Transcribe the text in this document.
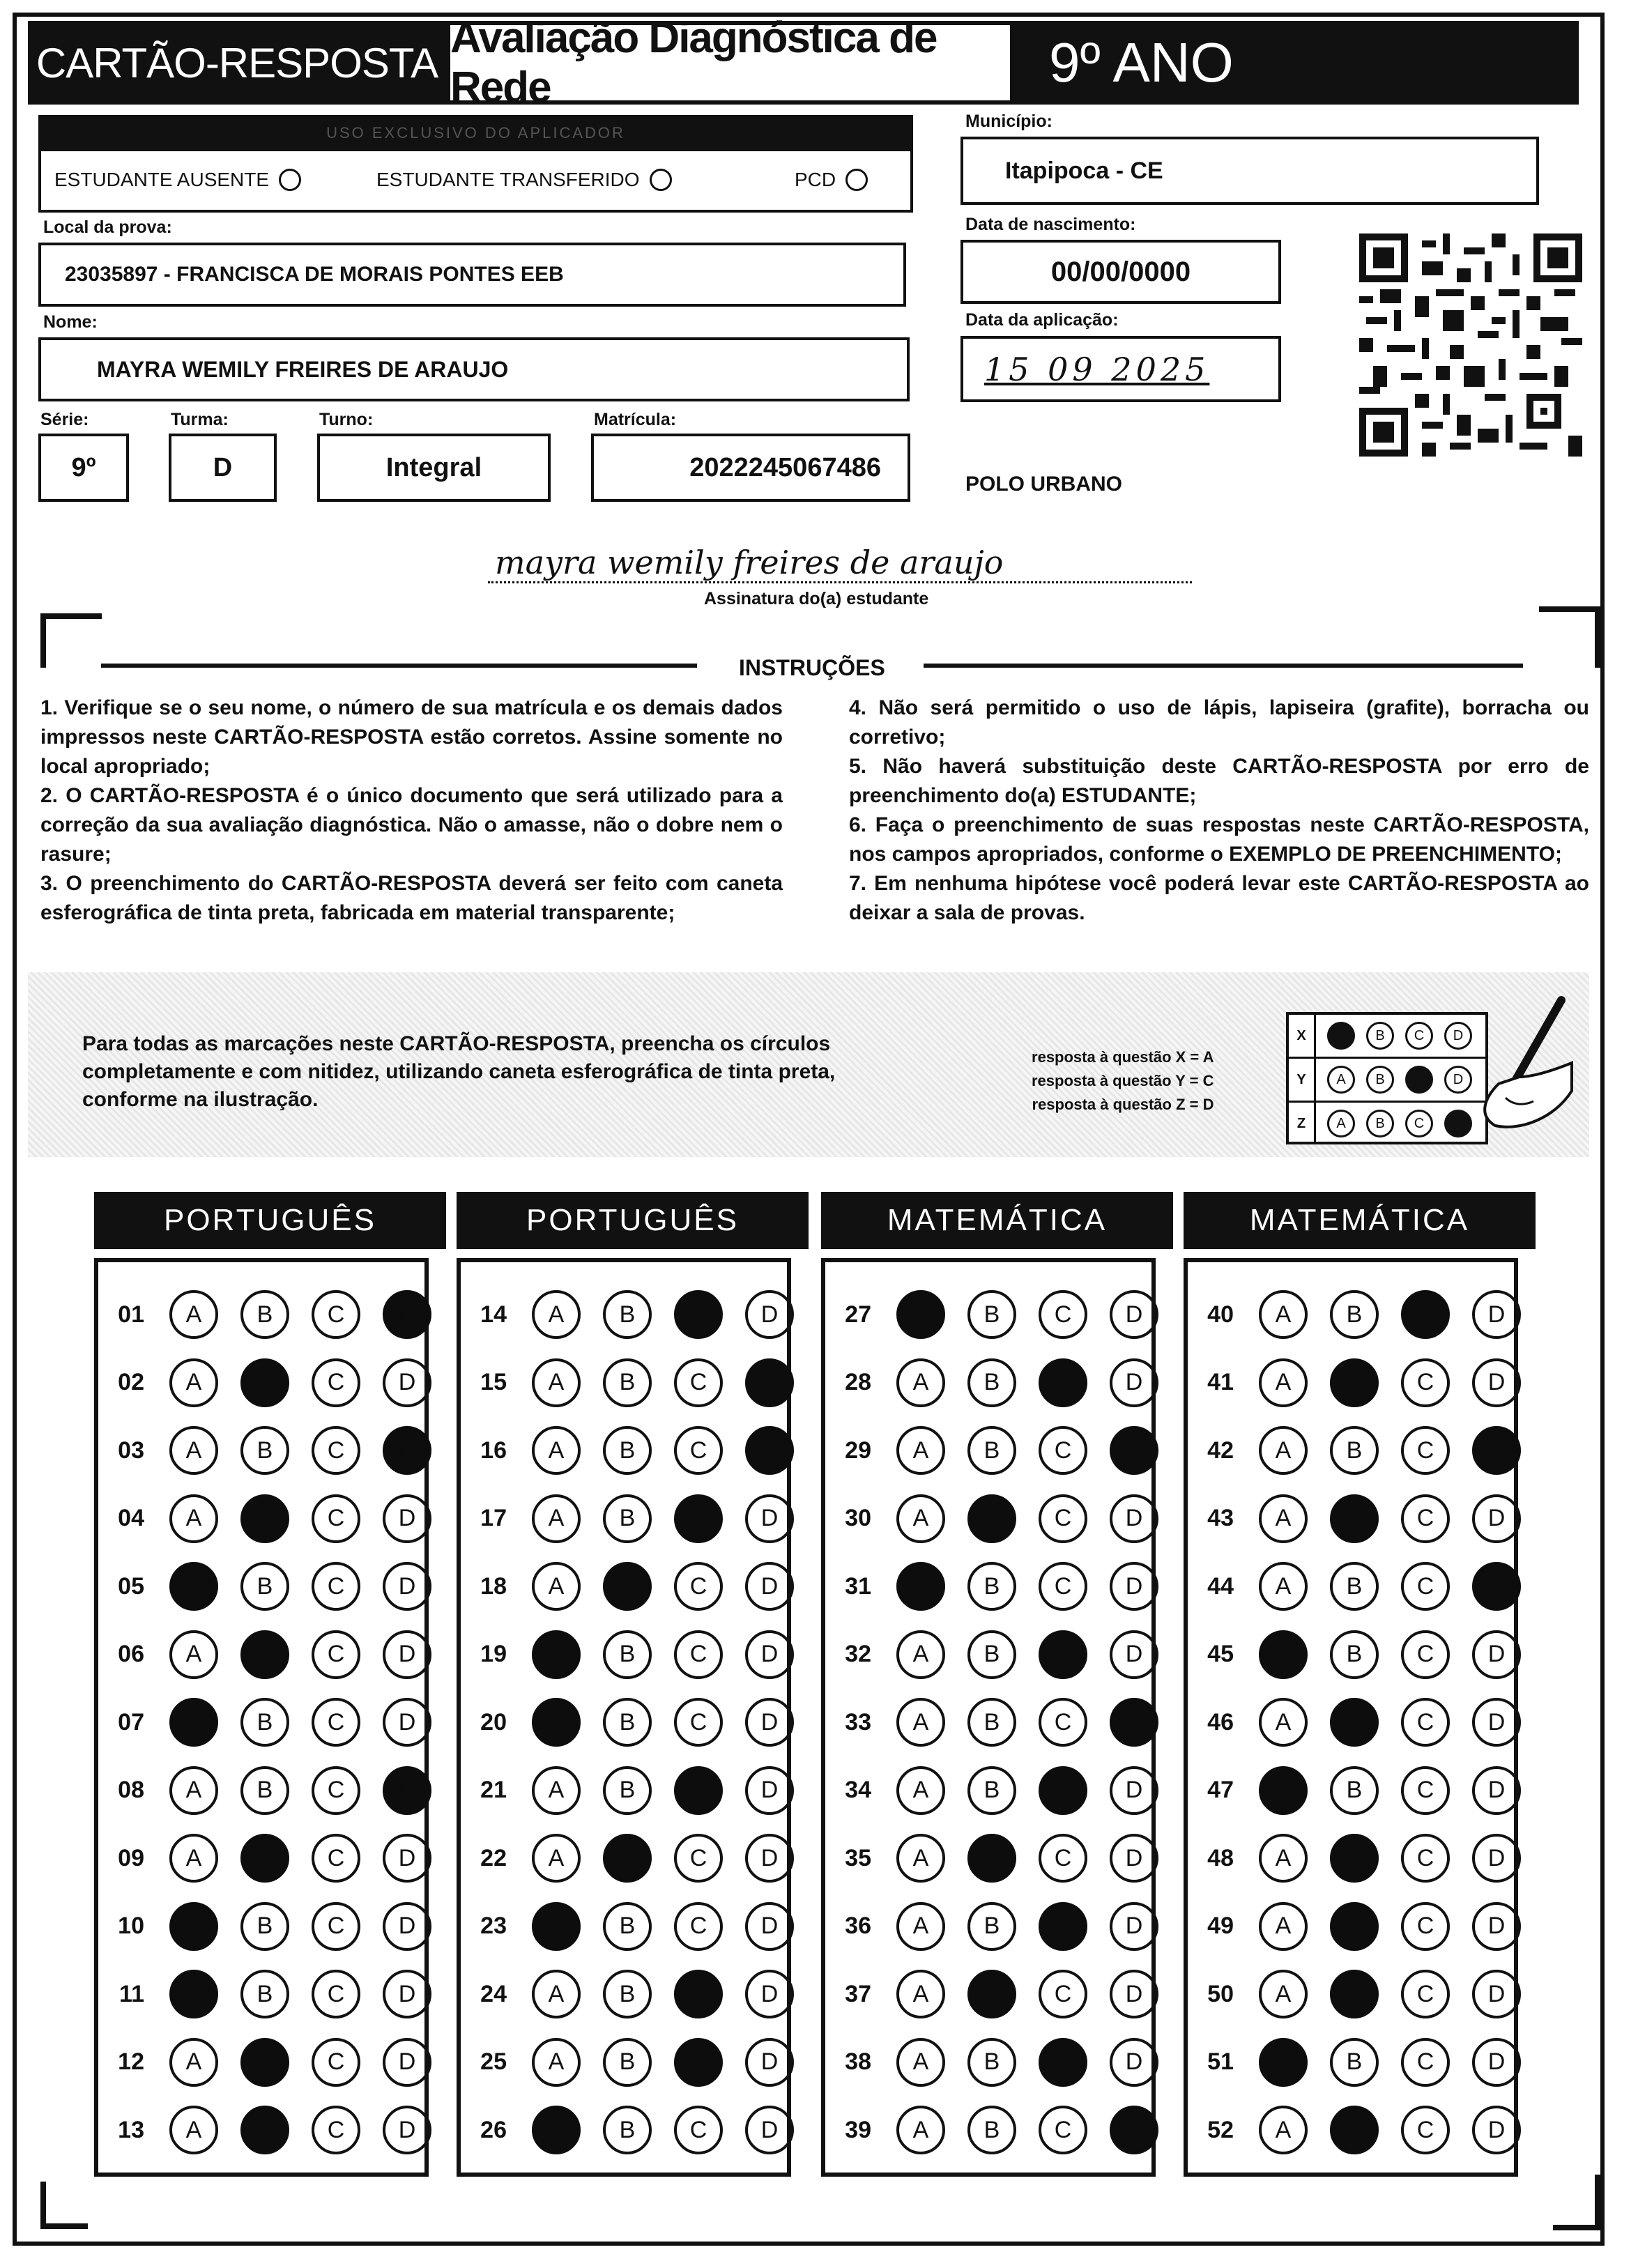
CARTÃO-RESPOSTA
Avaliação Diagnóstica de Rede	9º ANO
USO EXCLUSIVO DO APLICADOR
ESTUDANTE AUSENTE	ESTUDANTE TRANSFERIDO	PCD
Município:
Itapipoca - CE
Local da prova:
23035897 - FRANCISCA DE MORAIS PONTES EEB
Data de nascimento:
00/00/0000
Nome:
MAYRA WEMILY FREIRES DE ARAUJO
Data da aplicação:
15 09 2025
Série:
9º
Turma:
D
Turno:
Integral
Matrícula:
2022245067486
POLO URBANO
mayra wemily freires de araujo
Assinatura do(a) estudante
INSTRUÇÕES
1. Verifique se o seu nome, o número de sua matrícula e os demais dados impressos neste CARTÃO-RESPOSTA estão corretos. Assine somente no local apropriado;
2. O CARTÃO-RESPOSTA é o único documento que será utilizado para a correção da sua avaliação diagnóstica. Não o amasse, não o dobre nem o rasure;
3. O preenchimento do CARTÃO-RESPOSTA deverá ser feito com caneta esferográfica de tinta preta, fabricada em material transparente;
4. Não será permitido o uso de lápis, lapiseira (grafite), borracha ou corretivo;
5. Não haverá substituição deste CARTÃO-RESPOSTA por erro de preenchimento do(a) ESTUDANTE;
6. Faça o preenchimento de suas respostas neste CARTÃO-RESPOSTA, nos campos apropriados, conforme o EXEMPLO DE PREENCHIMENTO;
7. Em nenhuma hipótese você poderá levar este CARTÃO-RESPOSTA ao deixar a sala de provas.
Para todas as marcações neste CARTÃO-RESPOSTA, preencha os círculos completamente e com nitidez, utilizando caneta esferográfica de tinta preta, conforme na ilustração.
resposta à questão X = A
resposta à questão Y = C
resposta à questão Z = D
X	A	B	C	D
Y	A	B	C	D
Z	A	B	C	D
PORTUGUÊS
01	A	B	C	D
02	A	B	C	D
03	A	B	C	D
04	A	B	C	D
05	A	B	C	D
06	A	B	C	D
07	A	B	C	D
08	A	B	C	D
09	A	B	C	D
10	A	B	C	D
11	A	B	C	D
12	A	B	C	D
13	A	B	C	D
PORTUGUÊS
14	A	B	C	D
15	A	B	C	D
16	A	B	C	D
17	A	B	C	D
18	A	B	C	D
19	A	B	C	D
20	A	B	C	D
21	A	B	C	D
22	A	B	C	D
23	A	B	C	D
24	A	B	C	D
25	A	B	C	D
26	A	B	C	D
MATEMÁTICA
27	A	B	C	D
28	A	B	C	D
29	A	B	C	D
30	A	B	C	D
31	A	B	C	D
32	A	B	C	D
33	A	B	C	D
34	A	B	C	D
35	A	B	C	D
36	A	B	C	D
37	A	B	C	D
38	A	B	C	D
39	A	B	C	D
MATEMÁTICA
40	A	B	C	D
41	A	B	C	D
42	A	B	C	D
43	A	B	C	D
44	A	B	C	D
45	A	B	C	D
46	A	B	C	D
47	A	B	C	D
48	A	B	C	D
49	A	B	C	D
50	A	B	C	D
51	A	B	C	D
52	A	B	C	D
